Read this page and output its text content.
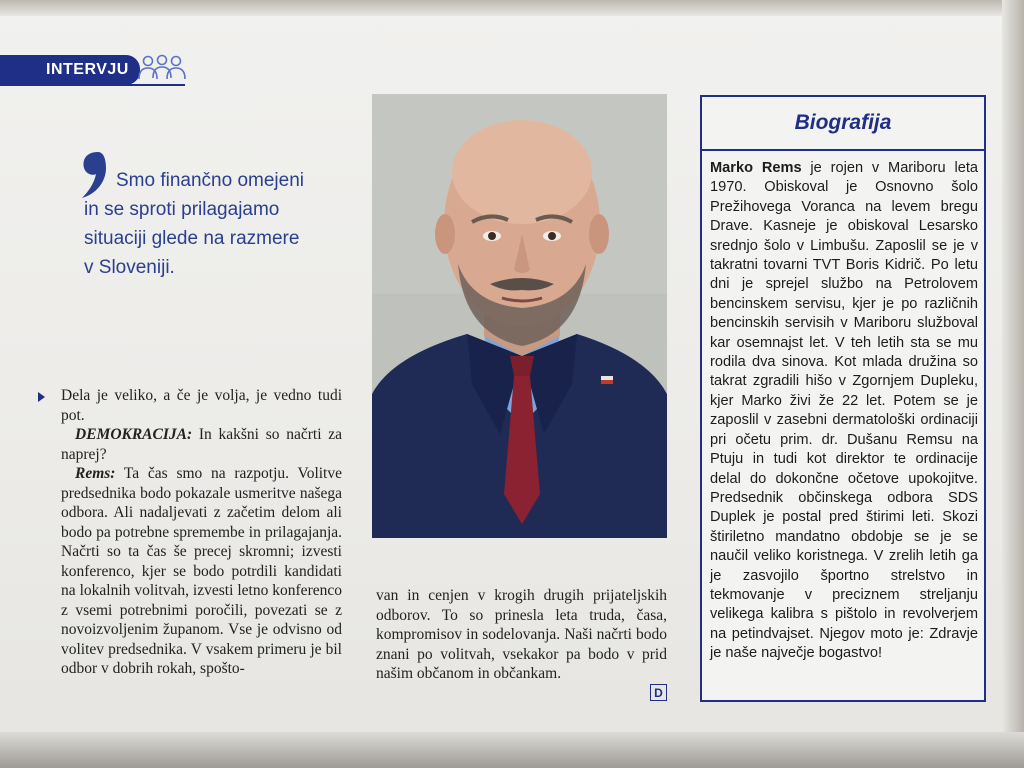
INTERVJU
Smo finančno omejeni in se sproti prilagajamo situaciji glede na razmere v Sloveniji.

Dela je veliko, a če je volja, je vedno tudi pot.

DEMOKRACIJA: In kakšni so načrti za naprej?

Rems: Ta čas smo na razpotju. Volitve predsednika bodo pokazale usmeritve našega odbora. Ali nadaljevati z začetim delom ali bodo pa potrebne spremembe in prilagajanja. Načrti so ta čas še precej skromni; izvesti konferenco, kjer se bodo potrdili kandidati na lokalnih volitvah, izvesti letno konferenco z vsemi potrebnimi poročili, povezati se z novoizvoljenim županom. Vse je odvisno od volitev predsednika. V vsakem primeru je bil odbor v dobrih rokah, spošto-

van in cenjen v krogih drugih prijateljskih odborov. To so prinesla leta truda, časa, kompromisov in sodelovanja. Naši načrti bodo znani po volitvah, vsekakor pa bodo v prid našim občanom in občankam.

D
Biografija
Marko Rems je rojen v Mariboru leta 1970. Obiskoval je Osnovno šolo Prežihovega Voranca na levem bregu Drave. Kasneje je obiskoval Lesarsko srednjo šolo v Limbušu. Zaposlil se je v takratni tovarni TVT Boris Kidrič. Po letu dni je sprejel službo na Petrolovem bencinskem servisu, kjer je po različnih bencinskih servisih v Mariboru služboval kar osemnajst let. V teh letih sta se mu rodila dva sinova. Kot mlada družina so takrat zgradili hišo v Zgornjem Dupleku, kjer Marko živi že 22 let. Potem se je zaposlil v zasebni dermatološki ordinaciji pri očetu prim. dr. Dušanu Remsu na Ptuju in tudi kot direktor te ordinacije delal do dokončne očetove upokojitve. Predsednik občinskega odbora SDS Duplek je postal pred štirimi leti. Skozi štiriletno mandatno obdobje se je se naučil veliko koristnega. V zrelih letih ga je zasvojilo športno strelstvo in tekmovanje v preciznem streljanju velikega kalibra s pištolo in revolverjem na petindvajset. Njegov moto je: Zdravje je naše največje bogastvo!
